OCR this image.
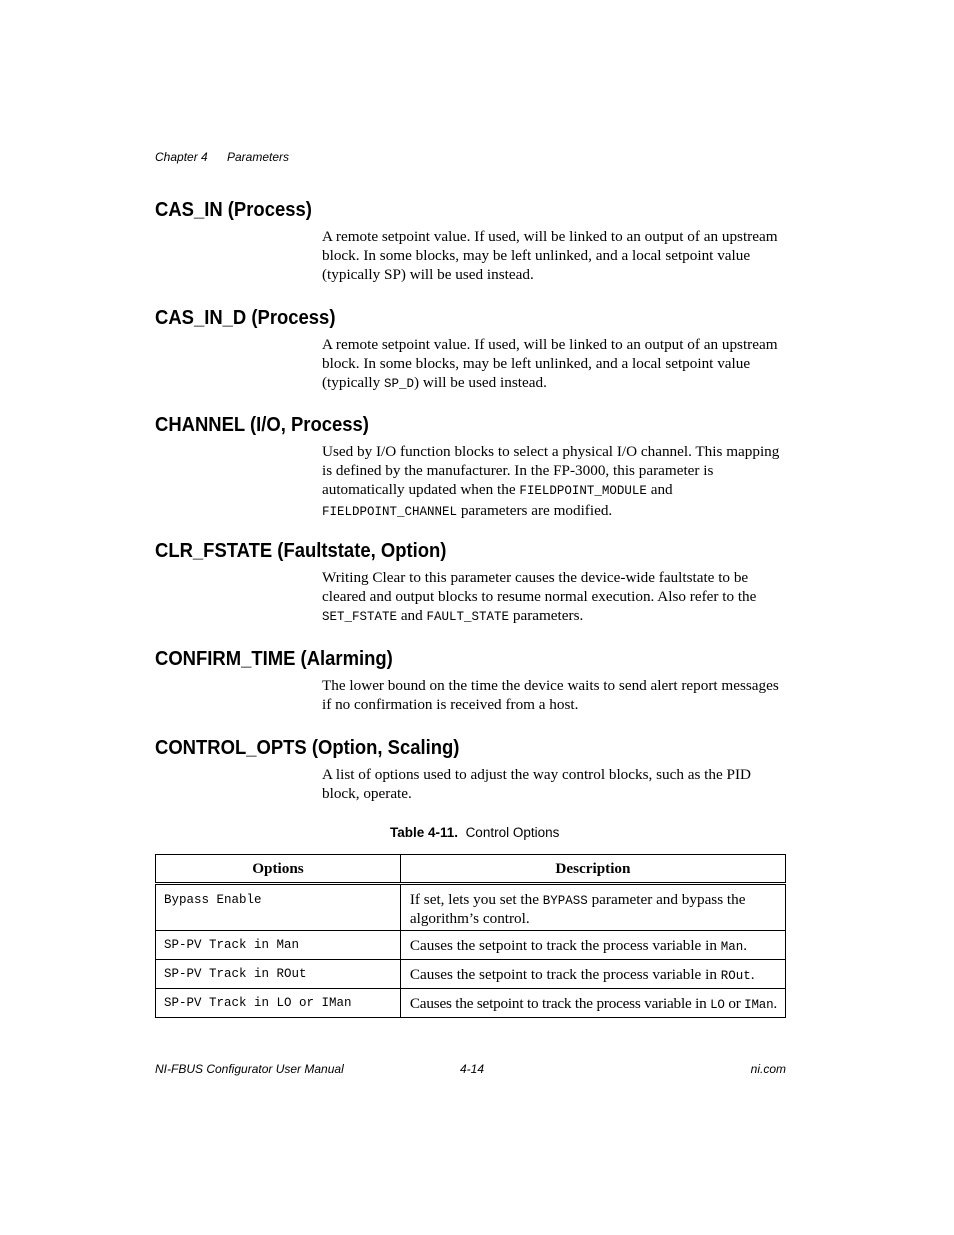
Chapter 4 Parameters
CAS_IN (Process)
A remote setpoint value. If used, will be linked to an output of an upstream block. In some blocks, may be left unlinked, and a local setpoint value (typically SP) will be used instead.
CAS_IN_D (Process)
A remote setpoint value. If used, will be linked to an output of an upstream block. In some blocks, may be left unlinked, and a local setpoint value (typically SP_D) will be used instead.
CHANNEL (I/O, Process)
Used by I/O function blocks to select a physical I/O channel. This mapping is defined by the manufacturer. In the FP-3000, this parameter is automatically updated when the FIELDPOINT_MODULE and FIELDPOINT_CHANNEL parameters are modified.
CLR_FSTATE (Faultstate, Option)
Writing Clear to this parameter causes the device-wide faultstate to be cleared and output blocks to resume normal execution. Also refer to the SET_FSTATE and FAULT_STATE parameters.
CONFIRM_TIME (Alarming)
The lower bound on the time the device waits to send alert report messages if no confirmation is received from a host.
CONTROL_OPTS (Option, Scaling)
A list of options used to adjust the way control blocks, such as the PID block, operate.
Table 4-11. Control Options
Options	Description
Bypass Enable	If set, lets you set the BYPASS parameter and bypass the algorithm’s control.
SP-PV Track in Man	Causes the setpoint to track the process variable in Man.
SP-PV Track in ROut	Causes the setpoint to track the process variable in ROut.
SP-PV Track in LO or IMan	Causes the setpoint to track the process variable in LO or IMan.
NI-FBUS Configurator User Manual	4-14	ni.com
